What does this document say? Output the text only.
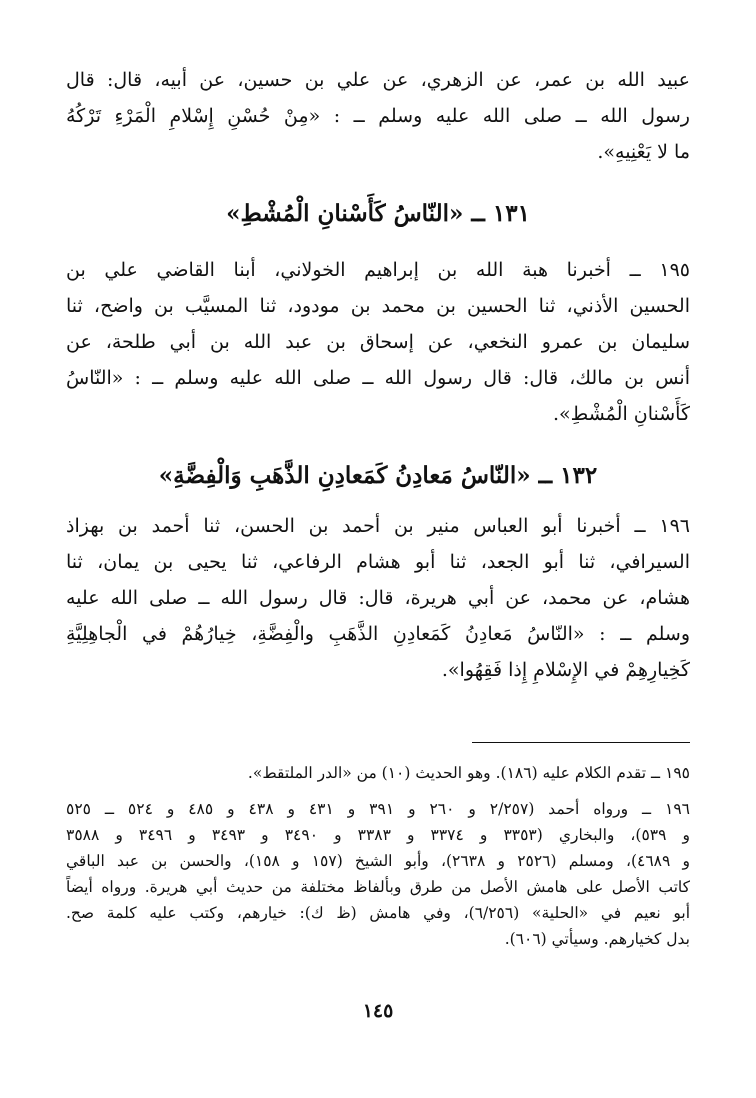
عبيد الله بن عمر، عن الزهري، عن علي بن حسين، عن أبيه، قال: قال
رسول الله ــ صلى الله عليه وسلم ــ : «مِنْ حُسْنِ إِسْلامِ الْمَرْءِ تَرْكُهُ
ما لا يَعْنِيهِ».
١٣١ ــ «النّاسُ كَأَسْنانِ الْمُشْطِ»
١٩٥ ــ أخبرنا هبة الله بن إبراهيم الخولاني، أبنا القاضي علي بن
الحسين الأذني، ثنا الحسين بن محمد بن مودود، ثنا المسيَّب بن واضح، ثنا
سليمان بن عمرو النخعي، عن إسحاق بن عبد الله بن أبي طلحة، عن
أنس بن مالك، قال: قال رسول الله ــ صلى الله عليه وسلم ــ : «النّاسُ
كَأَسْنانِ الْمُشْطِ».
١٣٢ ــ «النّاسُ مَعادِنُ كَمَعادِنِ الذَّهَبِ وَالْفِضَّةِ»
١٩٦ ــ أخبرنا أبو العباس منير بن أحمد بن الحسن، ثنا أحمد بن بهزاذ
السيرافي، ثنا أبو الجعد، ثنا أبو هشام الرفاعي، ثنا يحيى بن يمان، ثنا
هشام، عن محمد، عن أبي هريرة، قال: قال رسول الله ــ صلى الله عليه
وسلم ــ : «النّاسُ مَعادِنُ كَمَعادِنِ الذَّهَبِ والْفِضَّةِ، خِيارُهُمْ في الْجاهِلِيَّةِ
كَخِيارِهِمْ في الإِسْلامِ إِذا فَقِهُوا».
١٩٥ ــ تقدم الكلام عليه (١٨٦). وهو الحديث (١٠) من «الدر الملتقط».
١٩٦ ــ ورواه أحمد (٢/٢٥٧ و ٢٦٠ و ٣٩١ و ٤٣١ و ٤٣٨ و ٤٨٥ و ٥٢٤ ــ ٥٢٥
و ٥٣٩)، والبخاري (٣٣٥٣ و ٣٣٧٤ و ٣٣٨٣ و ٣٤٩٠ و ٣٤٩٣ و ٣٤٩٦ و ٣٥٨٨
و ٤٦٨٩)، ومسلم (٢٥٢٦ و ٢٦٣٨)، وأبو الشيخ (١٥٧ و ١٥٨)، والحسن بن عبد الباقي
كاتب الأصل على هامش الأصل من طرق وبألفاظ مختلفة من حديث أبي هريرة. ورواه أيضاً
أبو نعيم في «الحلية» (٦/٢٥٦)، وفي هامش (ظ ك): خيارهم، وكتب عليه كلمة صح.
بدل كخيارهم. وسيأتي (٦٠٦).
١٤٥
